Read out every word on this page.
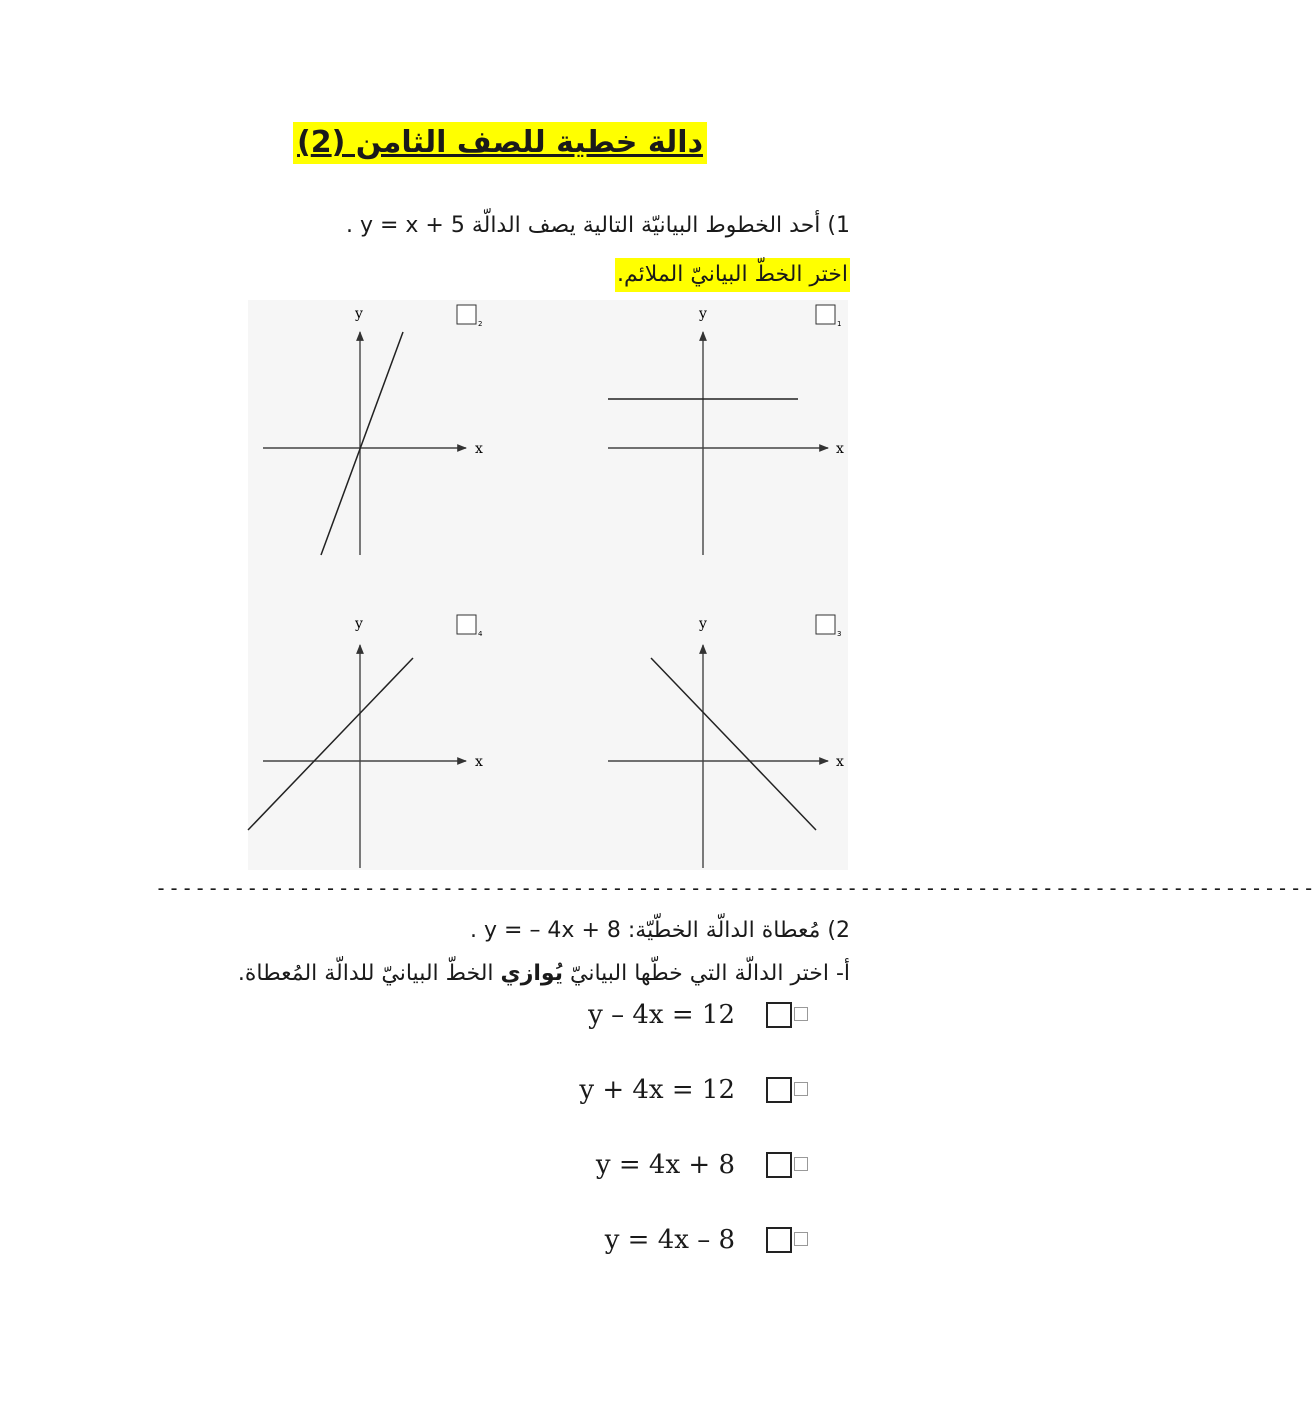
دالة خطية للصف الثامن (2)
1) أحد الخطوط البيانيّة التالية يصف الدالّة y = x + 5 .
اختر الخطّ البيانيّ الملائم.
x
y
2
x
y
1
x
y
4
x
y
3
-----------------------------------------------------------------------------------------
2) مُعطاة الدالّة الخطّيّة: y = – 4x + 8 .
أ- اختر الدالّة التي خطّها البيانيّ يُوازي الخطّ البيانيّ للدالّة المُعطاة.
y – 4x = 12
y + 4x = 12
y = 4x + 8
y = 4x – 8
